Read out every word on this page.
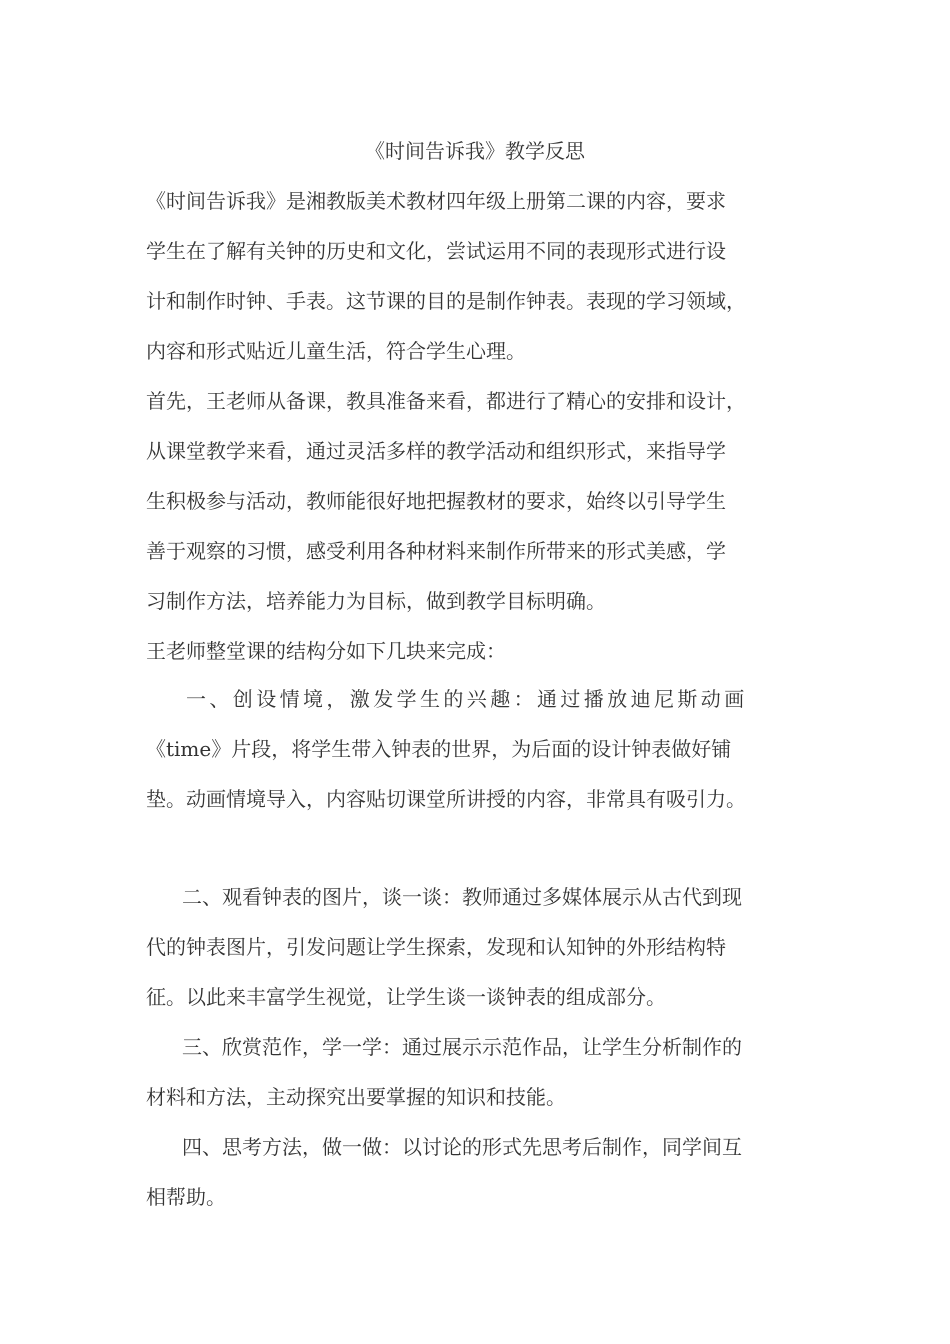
《时间告诉我》教学反思
《时间告诉我》是湘教版美术教材四年级上册第二课的内容，要求
学生在了解有关钟的历史和文化，尝试运用不同的表现形式进行设
计和制作时钟、手表。这节课的目的是制作钟表。表现的学习领域，
内容和形式贴近儿童生活，符合学生心理。
首先，王老师从备课，教具准备来看，都进行了精心的安排和设计，
从课堂教学来看，通过灵活多样的教学活动和组织形式，来指导学
生积极参与活动，教师能很好地把握教材的要求，始终以引导学生
善于观察的习惯，感受利用各种材料来制作所带来的形式美感，学
习制作方法，培养能力为目标，做到教学目标明确。
王老师整堂课的结构分如下几块来完成：
一、创设情境，激发学生的兴趣：通过播放迪尼斯动画
《time》片段，将学生带入钟表的世界，为后面的设计钟表做好铺
垫。动画情境导入，内容贴切课堂所讲授的内容，非常具有吸引力。
二、观看钟表的图片，谈一谈：教师通过多媒体展示从古代到现
代的钟表图片，引发问题让学生探索，发现和认知钟的外形结构特
征。以此来丰富学生视觉，让学生谈一谈钟表的组成部分。
三、欣赏范作，学一学：通过展示示范作品，让学生分析制作的
材料和方法，主动探究出要掌握的知识和技能。
四、思考方法，做一做：以讨论的形式先思考后制作，同学间互
相帮助。
